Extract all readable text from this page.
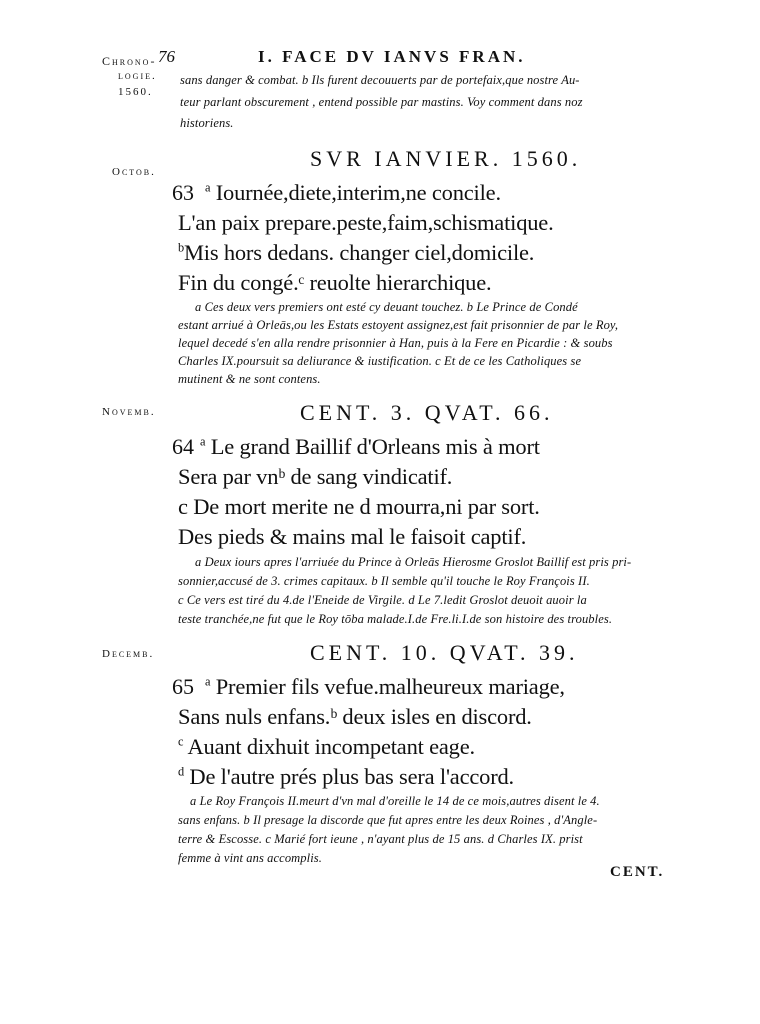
Chrono- 76	I. FACE DV IANVS FRAN.
logie.
1560.
sans danger & combat. b Ils furent decouuerts par de portefaix,que nostre Au-
teur parlant obscurement , entend possible par mastins. Voy comment dans noz
historiens.
Octob.
SVR IANVIER. 1560.
63 $^a$ Iournée,diete,interim,ne concile.
L'an paix prepare.peste,faim,schismatique.
$^b$Mis hors dedans. changer ciel,domicile.
Fin du congé.ᶜ reuolte hierarchique.
a Ces deux vers premiers ont esté cy deuant touchez. b Le Prince de Condé
estant arriué à Orleās,ou les Estats estoyent assignez,est fait prisonnier de par le Roy,
lequel decedé s'en alla rendre prisonnier à Han, puis à la Fere en Picardie : & soubs
Charles IX.poursuit sa deliurance & iustification. c Et de ce les Catholiques se
mutinent & ne sont contens.
Novemb.	CENT. 3. QVAT. 66.
64 $^a$ Le grand Baillif d'Orleans mis à mort
Sera par vnᵇ de sang vindicatif.
c De mort merite ne d mourra,ni par sort.
Des pieds & mains mal le faisoit captif.
a Deux iours apres l'arriuée du Prince à Orleās Hierosme Groslot Baillif est pris pri-
sonnier,accusé de 3. crimes capitaux. b Il semble qu'il touche le Roy François II.
c Ce vers est tiré du 4.de l'Eneide de Virgile. d Le 7.ledit Groslot deuoit auoir la
teste tranchée,ne fut que le Roy tōba malade.I.de Fre.li.I.de son histoire des troubles.
Decemb.	CENT. 10. QVAT. 39.
65 $^a$ Premier fils vefue.malheureux mariage,
Sans nuls enfans.ᵇ deux isles en discord.
$^c$ Auant dixhuit incompetant eage.
$^d$ De l'autre prés plus bas sera l'accord.
a Le Roy François II.meurt d'vn mal d'oreille le 14 de ce mois,autres disent le 4.
sans enfans. b Il presage la discorde que fut apres entre les deux Roines , d'Angle-
terre & Escosse. c Marié fort ieune , n'ayant plus de 15 ans. d Charles IX. prist
femme à vint ans accomplis.
CENT.
